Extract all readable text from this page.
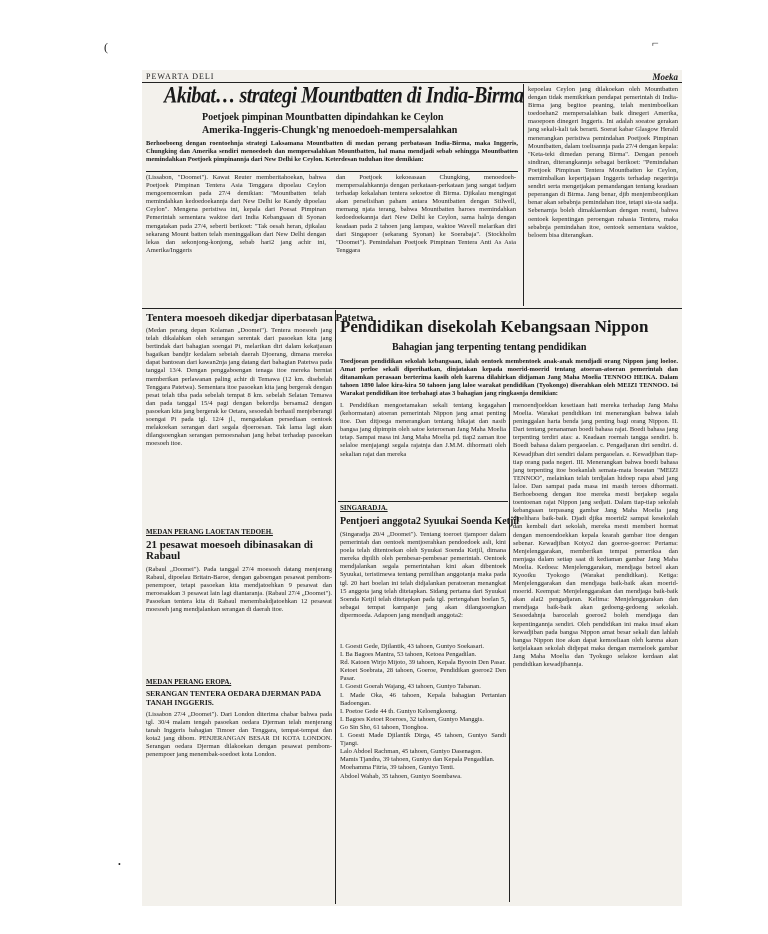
PEWARTA DELI	Moeka
Akibat… strategi Mountbatten di India-Birma
Poetjoek pimpinan Mountbatten dipindahkan ke Ceylon
Amerika-Inggeris-Chungk'ng menoedoeh-mempersalahkan
Berhoeboeng dengan roentoehnja strategi Laksamana Mountbatten di medan perang perbatasan India-Birma, maka Inggeris, Chungking dan Amerika sendiri menoedoeh dan mempersalahkan Mountbatten, hal mana mendjadi sebab sehingga Mountbatten memindahkan Poetjoek pimpinannja dari New Delhi ke Ceylon. Keterdesan tuduhan itoe demikian:
(Lissabon, "Doomei"). Kawat Reuter memberitahoekan, bahwa Poetjoek Pimpinan Tentera Asia Tenggara dipoelau Ceylon mengoemoemkan pada 27/4 demikian: "Mountbatten telah memindahkan kedoedoekannja dari New Delhi ke Kandy dipoelau Ceylon". Mengena peristiwa ini, kepala dari Poesat Pimpinan Pemerintah sementara waktoe dari India Kebangsaan di Syonan mengatakan pada 27/4, seberti berikoet: "Tak oesah heran, djikalau sekarang Mount batten telah meninggalkan dari New Delhi dengan lekas dan sekonjong-konjong, sebab hari2 jang achir ini, Amerika/Inggeris
dan Poetjoek kekoeasaan Chungking, menoedoeh-mempersalahkannja dengan perkataan-perkataan jang sangat tadjam terhadap kekalahan tentera sekoetoe di Birma. Djikalau mengingat akan perselisihan paham antara Mountbatten dengan Stilwell, memang njata terang, bahwa Mountbatten haroes memindahkan kedoedoekannja dari New Delhi ke Ceylon, sama halnja dengan keadaan pada 2 tahoen jang lampau, waktoe Wavell melarikan diri dari Singapoer (sekarang Syonan) ke Soerabaja". (Stockholm "Doomei"). Pemindahan Poetjoek Pimpinan Tentera Anti As Asia Tenggara
kepoelau Ceylon jang dilakoekan oleh Mountbatten dengan tidak memikirkan pendapat pemerintah di India-Birma jang begitoe peaning, telah menimboelkan toedoehan2 mempersalahkan baik dinegeri Amerika, maoepoen dinegeri Inggeris. Ini adalah soeatoe gerakan jang sekali-kali tak berarti. Soerat kabar Glasgow Herald menerangkan peristiwa pemindahan Poetjoek Pimpinan Mountbatten, dalam toelisannja pada 27/4 dengan kepala: "Keta-teki dimedan perang Birma". Dengan penoeh sindiran, diterangkannja sebagai berikoet: "Pemindahan Poetjoek Pimpinan Tentera Mountbatten ke Ceylon, memimbalkan kepertjajaan Inggeris terhadap negerinja sendiri serta mengetjakan pemandangan tentang keadaan peperangan di Birma. Jang benar, djib menjembeonjikan benar akan sebabnja pemindahan itoe, tetapi sia-sia sadja. Sebenarnja boleh dimaklaemkan dengan resmi, bahwa oentoek kepentingan peroengan rahasia Tentera, maka sebabnja pemindahan itoe, oentoek sementara waktoe, beloem bisa diterangkan.
Tentera moesoeh dikedjar diperbatasan Patetwa
(Medan perang depan Kolaman „Doomei"). Tentera moesoeh jang telah dikalahkan oleh serangan serentak dari pasoekan kita jang bertindak dari bahagian soengai Pi, melarikan diri dalam kekatjauan bagaikan bandjir kedalam sebeiah daerah Djoerang, dimana mereka dapat bantoean dari kawan2nja jang datang dari bahagian Patetwa pada tanggal 13/4. Dengan penggaboengan tenaga itoe mereka berniat memberikan perlawanan paling achir di Temawa (12 km. disebelah Tenggara Patetwa). Sementara itoe pasoekan kita jang bergerak dengan pesat telah tiba pada sebelah tempat 8 km. sebelah Selatan Temawa dan pada tanggal 15/4 pagi dengan bekerdja bersama2 dengan pasoekan kita jang bergerak ke Oetara, sesoedah berhasil menjeberangi soengai Pi pada tgl. 12/4 jl., mengadakan persediaan oentoek melakoekan serangan dari segala djoeroesan. Tak lama lagi akan dilangsoengkan serangan pemoesnahan jang hebat terhadap pasoekan moesoeh itoe.
MEDAN PERANG LAOETAN TEDOEH.
21 pesawat moesoeh dibinasakan di Rabaul
(Rabaul „Doomei"). Pada tanggal 27/4 moesoeh datang menjerang Rabaul, dipoelau Britain-Baroe, dengan gaboengan pesawat pembom-penempoer, tetapi pasoekan kita mendjatoehkan 9 pesawat dan meroesakkan 3 pesawat lain lagi diantaranja. (Rabaul 27/4 „Doomei"). Pasoekan tentera kita di Rabaul menembakdjatoehkan 12 pesawat moesoeh jang mendjalankan serangan di daerah itoe.
MEDAN PERANG EROPA.
SERANGAN TENTERA OEDARA DJERMAN PADA TANAH INGGERIS.
(Lissabon 27/4 „Doomei"). Dari London diterima chabar bahwa pada tgl. 30/4 malam tengah pasoekan oedara Djerman telah menjerang tanah Inggeris bahagian Timoer dan Tenggara, tempat-tempat dan kota2 jang dibom. PENJERANGAN BESAR DI KOTA LONDON. Serangan oedara Djerman dilakoekan dengan pesawat pembom-penempoer jang menembak-soedoet kota London.
Pendidikan disekolah Kebangsaan Nippon
Bahagian jang terpenting tentang pendidikan
Toedjoean pendidikan sekolah kebangsaan, ialah oentoek membentoek anak-anak mendjadi orang Nippon jang loeloe. Amat perloe sekali diperihatkan, dinjatakan kepada moerid-moerid tentang atoeran-atoeran pemerintah dan ditanamkan perasaan berterima kasih oleh karena dilahirkan didjaman Jang Maha Moelia TENNOO HEIKA. Dalam tahoen 1890 laloe kira-kira 50 tahoen jang laloe warakat pendidikan (Tyokongo) diserahkan oleh MEIZI TENNOO. Isi Warakat pendidikan itoe terbahagi atas 3 bahagian jang ringkasnja demikian:
I. Pendidikan mengoetamakan sekali tentang kegagahan (kehormatan) atoeran pemerintah Nippon jang amat penting itoe. Dan ditjoega menerangkan tentang hikajat dan nasib bangsa jang dipimpin oleh satoe keteroenan Jang Maha Moelia tetap. Sampai masa ini Jang Maha Moelia pd. tiap2 zaman itoe selaloe menjajangi segala rajatnja dan J.M.M. dihormati oleh sekalian rajat dan mereka
menoendjoekkan kesetiaan hati mereka terhadap Jang Maha Moelia. Warakat pendidikan ini menerangkan bahwa ialah peninggalan harta benda jang penting bagi orang Nippon. II. Dari tentang penanaman boedi bahasa rajat. Boedi bahasa jang terpenting terdiri atas: a. Keadaan roemah tangga sendiri. b. Boedi bahasa dalam pergaoelan. c. Pengadjaran diri sendiri. d. Kewadjiban diri sendiri dalam pergaoelan. e. Kewadjiban tiap-tiap orang pada negeri. III. Menerangkan bahwa boedi bahasa jang terpenting itoe boekanlah semata-mata boeatan "MEIZI TENNOO", melainkan telah terdjalan hidoep rapa abad jang laloe. Dan sampai pada masa ini masih teroes dihormati. Berhoeboeng dengan itoe mereka mesti berjakep segala toentoenan rajat Nippon jang sedjati. Dalam tiap-tiap sekolah kebangsaan terpasang gambar Jang Maha Moelia jang dipelihara baik-baik. Djadi djika moerid2 sampai kesekolah dan kembali dari sekolah, mereka mesti memberi hormat dengan menoendoekkan kepala kearah gambar itoe dengan sebenar. Kewadjiban Kotyo2 dan goeroe-goeroe: Pertama: Menjelenggarakan, memberikan tempat pemeriksa dan menjaga dalam setiap saat di kediaman gambar Jang Maha Moelia. Kedoea: Menjelenggarakan, mendjaga betoel akan Kyooiku Tyokogo (Warakat pendidikan). Ketiga: Menjelenggarakan dan mendjaga baik-baik akan moerid-moerid. Keempat: Menjelenggarakan dan mendjaga baik-baik akan alat2 pengadjaran. Kelima: Menjelenggarakan dan mendjaga baik-baik akan gedoeng-gedoeng sekolah. Sesoedahnja barocelah goeroe2 boleh mendjaga dan kepentingannja sendiri. Oleh pendidikan ini maka insaf akan kewadjiban pada bangsa Nippon amat besar sekali dan lahlah bangsa Nippon itoe akan dapat kemoeliaan oleh karena akan ketjelakaan sekolah didjepat maka dengan memeloek gambar Jang Maha Moelia dan Tyokugo selakoe kerdaan alat pendidikan kewadjibannja.
SINGARADJA.
Pentjoeri anggota2 Syuukai Soenda Ketjil
(Singaradja 20/4 „Doomei"). Tentang toeroet tjampoer dalam pemerintah dan oentoek mentjoerahkan pendoedoek asli, kini poela telah ditentoekan oleh Syuukai Soenda Ketjil, dimana mereka dipilih oleh pembesar-pembesar pemerintah. Oentoek mendjalankan segala pemerintahan kini akan dibentoek Syuukai, teristimewa tentang pemilihan anggotanja maka pada tgl. 20 hari boelan ini telah didjalankan peratoeran menangkat 15 anggota jang telah ditetapkan. Sidang pertama dari Syuukai Soenda Ketjil telah ditetapkan pada tgl. pertengahan boelan 5, sebagai tempat kampanje jang akan dilangsoengkan dipermoeda. Adapoen jang mendjadi anggota2:
I. Goesti Gede, Djilantik, 43 tahoen, Guntyo Soekasari.
I. Ba Bagoes Mantra, 53 tahoen, Ketoea Pengadilan.
Rd. Katoen Wirjo Mijoto, 39 tahoen, Kepala Byooin Den Pasar.
Ketoet Soebrata, 28 tahoen, Goeroe, Pendidikan goeroe2 Den Pasar.
I. Goesti Goerah Wajang, 43 tahoen, Guntyo Tabanan.
I. Made Oka, 46 tahoen, Kepala bahagian Pertanian Badoengan.
I. Poetoe Gede 44 th. Guntyo Keloengkoeng.
I. Bagoes Ketoet Roeroes, 32 tahoen, Guntyo Manggis.
Go Sin Sho, 61 tahoen, Tionghoa.
I. Goesti Made Djilantik Dirga, 45 tahoen, Guntyo Sandi Tjangi.
Lalo Abdoel Rachman, 45 tahoen, Guntyo Dasenagon.
Mamis Tjandra, 39 tahoen, Guntyo dan Kepala Pengadilan.
Moehamma Fitria, 39 tahoen, Guntyo Tenti.
Abdoel Wahab, 35 tahoen, Guntyo Soembawa.
(	⌐
•
